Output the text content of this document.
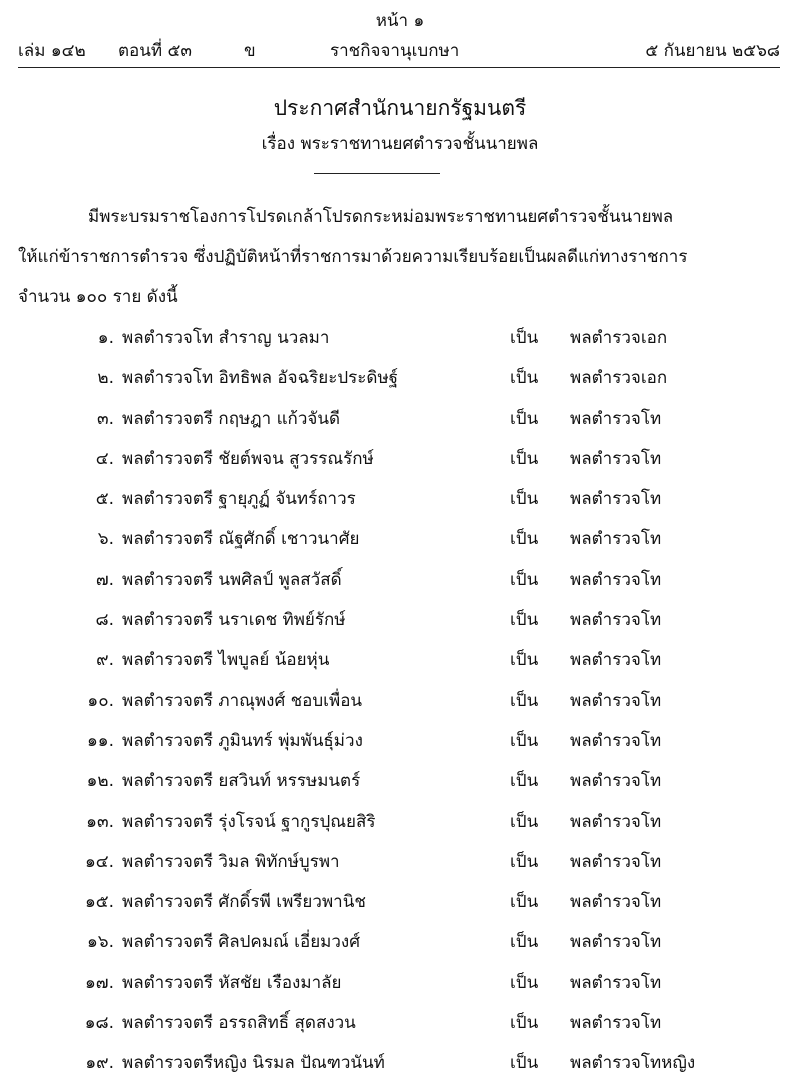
หน้า ๑
เล่ม ๑๔๒ ตอนที่ ๕๓	ข	ราชกิจจานุเบกษา	๕ กันยายน ๒๕๖๘
ประกาศสำนักนายกรัฐมนตรี
เรื่อง พระราชทานยศตำรวจชั้นนายพล
มีพระบรมราชโองการโปรดเกล้าโปรดกระหม่อมพระราชทานยศตำรวจชั้นนายพล
ให้แก่ข้าราชการตำรวจ ซึ่งปฏิบัติหน้าที่ราชการมาด้วยความเรียบร้อยเป็นผลดีแก่ทางราชการ
จำนวน ๑๐๐ ราย ดังนี้
๑. พลตำรวจโท สำราญ นวลมา	เป็น พลตำรวจเอก
๒. พลตำรวจโท อิทธิพล อัจฉริยะประดิษฐ์	เป็น พลตำรวจเอก
๓. พลตำรวจตรี กฤษฎา แก้วจันดี	เป็น พลตำรวจโท
๔. พลตำรวจตรี ชัยต์พจน สูวรรณรักษ์	เป็น พลตำรวจโท
๕. พลตำรวจตรี ฐายุภูฏ์ จันทร์ถาวร	เป็น พลตำรวจโท
๖. พลตำรวจตรี ณัฐศักดิ์ เชาวนาศัย	เป็น พลตำรวจโท
๗. พลตำรวจตรี นพศิลป์ พูลสวัสดิ์	เป็น พลตำรวจโท
๘. พลตำรวจตรี นราเดช ทิพย์รักษ์	เป็น พลตำรวจโท
๙. พลตำรวจตรี ไพบูลย์ น้อยหุ่น	เป็น พลตำรวจโท
๑๐. พลตำรวจตรี ภาณุพงศ์ ชอบเพื่อน	เป็น พลตำรวจโท
๑๑. พลตำรวจตรี ภูมินทร์ พุ่มพันธุ์ม่วง	เป็น พลตำรวจโท
๑๒. พลตำรวจตรี ยสวินท์ หรรษมนตร์	เป็น พลตำรวจโท
๑๓. พลตำรวจตรี รุ่งโรจน์ ฐากูรปุณยสิริ	เป็น พลตำรวจโท
๑๔. พลตำรวจตรี วิมล พิทักษ์บูรพา	เป็น พลตำรวจโท
๑๕. พลตำรวจตรี ศักดิ์รพี เพรียวพานิช	เป็น พลตำรวจโท
๑๖. พลตำรวจตรี ศิลปคมณ์ เอี่ยมวงศ์	เป็น พลตำรวจโท
๑๗. พลตำรวจตรี หัสชัย เรืองมาลัย	เป็น พลตำรวจโท
๑๘. พลตำรวจตรี อรรถสิทธิ์ สุดสงวน	เป็น พลตำรวจโท
๑๙. พลตำรวจตรีหญิง นิรมล ปัณฑวนันท์	เป็น พลตำรวจโทหญิง
